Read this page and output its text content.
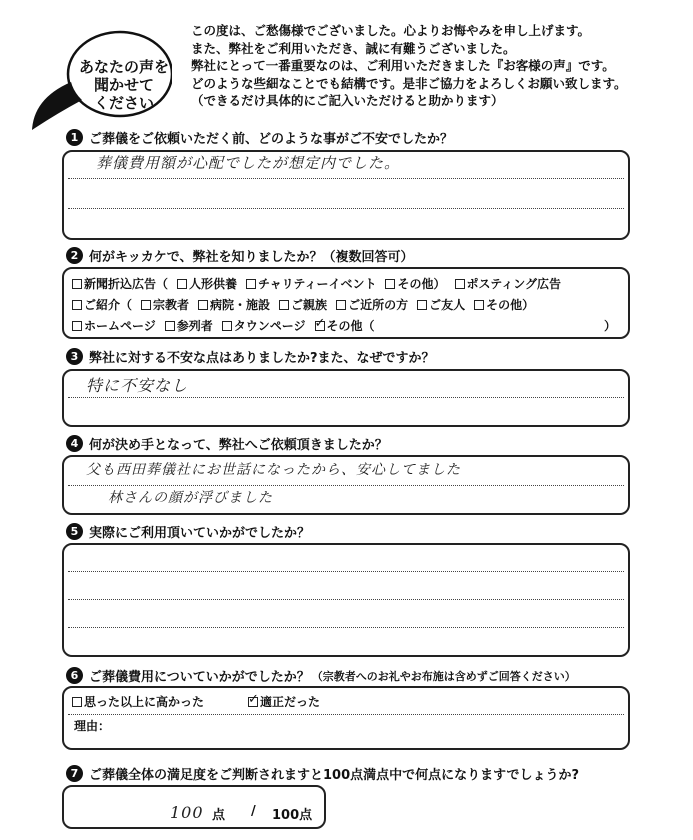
あなたの声を
聞かせて
ください
この度は、ご愁傷様でございました。心よりお悔やみを申し上げます。
また、弊社をご利用いただき、誠に有難うございました。
弊社にとって一番重要なのは、ご利用いただきました『お客様の声』です。
どのような些細なことでも結構です。是非ご協力をよろしくお願い致します。
（できるだけ具体的にご記入いただけると助かります）
1 ご葬儀をご依頼いただく前、どのような事がご不安でしたか？
葬儀費用額が心配でしたが想定内でした。
2 何がキッカケで、弊社を知りましたか？（複数回答可）
新聞折込広告（ 人形供養 チャリティーイベント その他） ポスティング広告
ご紹介（ 宗教者 病院・施設 ご親族 ご近所の方 ご友人 その他）
ホームページ 参列者 タウンページ ✓ その他（	）
3 弊社に対する不安な点はありましたか?また、なぜですか？
特に不安なし
4 何が決め手となって、弊社へご依頼頂きましたか？
父も西田葬儀社にお世話になったから、安心してました
林さんの顔が浮びました
5 実際にご利用頂いていかがでしたか？
6 ご葬儀費用についていかがでしたか？ （宗教者へのお礼やお布施は含めずご回答ください）
思った以上に高かった ✓	適正だった
理由：
7 ご葬儀全体の満足度をご判断されますと100点満点中で何点になりますでしょうか?
100 点 / 100点
